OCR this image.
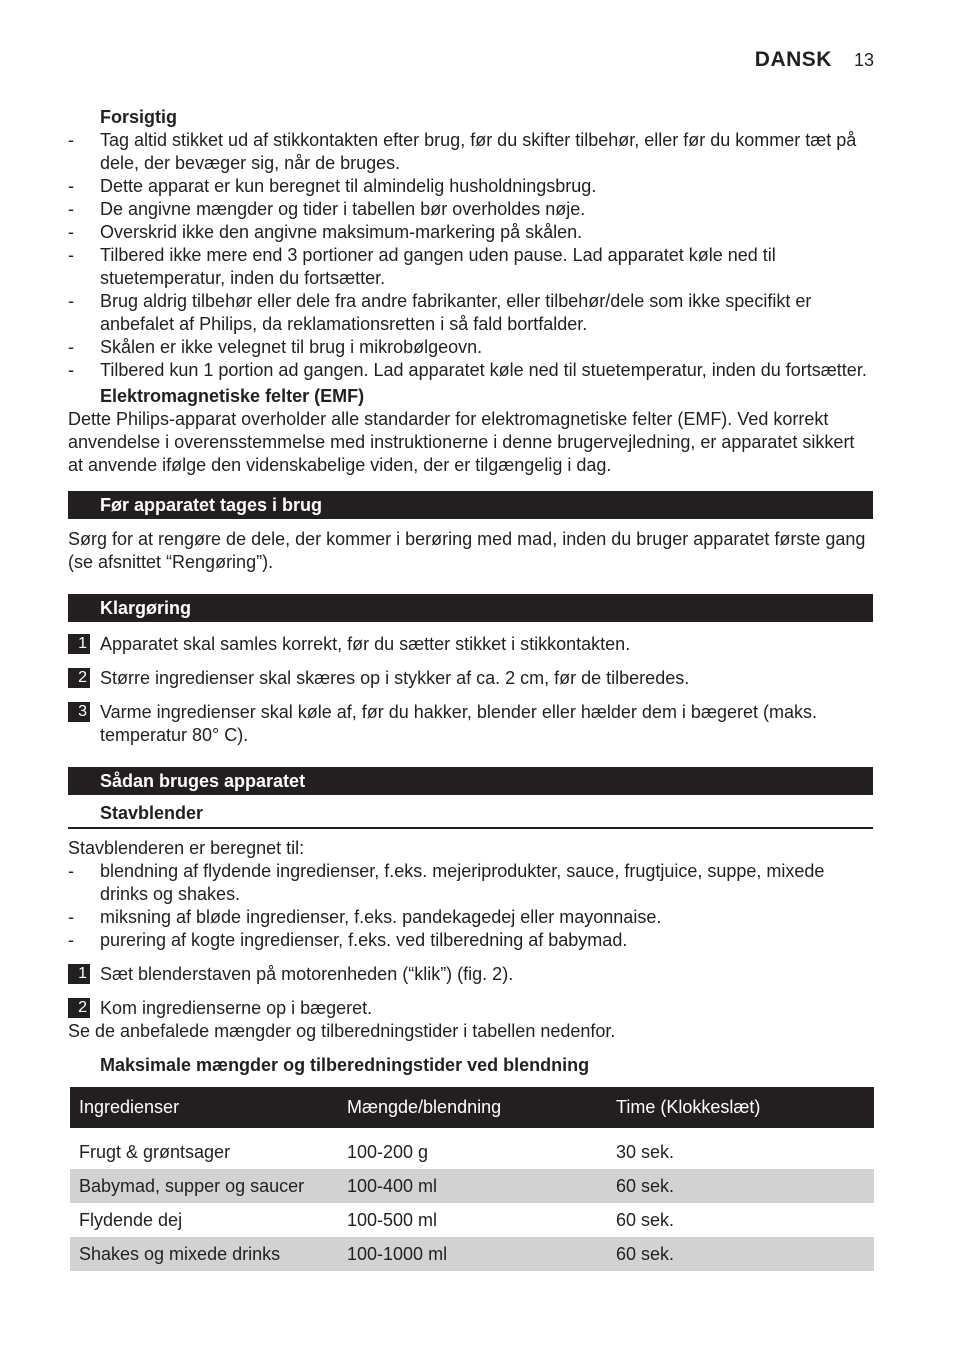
DANSK 13
Forsigtig
- Tag altid stikket ud af stikkontakten efter brug, før du skifter tilbehør, eller før du kommer tæt på dele, der bevæger sig, når de bruges.
- Dette apparat er kun beregnet til almindelig husholdningsbrug.
- De angivne mængder og tider i tabellen bør overholdes nøje.
- Overskrid ikke den angivne maksimum-markering på skålen.
- Tilbered ikke mere end 3 portioner ad gangen uden pause. Lad apparatet køle ned til stuetemperatur, inden du fortsætter.
- Brug aldrig tilbehør eller dele fra andre fabrikanter, eller tilbehør/dele som ikke specifikt er anbefalet af Philips, da reklamationsretten i så fald bortfalder.
- Skålen er ikke velegnet til brug i mikrobølgeovn.
- Tilbered kun 1 portion ad gangen. Lad apparatet køle ned til stuetemperatur, inden du fortsætter.
Elektromagnetiske felter (EMF)

Dette Philips-apparat overholder alle standarder for elektromagnetiske felter (EMF). Ved korrekt anvendelse i overensstemmelse med instruktionerne i denne brugervejledning, er apparatet sikkert at anvende ifølge den videnskabelige viden, der er tilgængelig i dag.

Før apparatet tages i brug

Sørg for at rengøre de dele, der kommer i berøring med mad, inden du bruger apparatet første gang (se afsnittet “Rengøring”).

Klargøring
1 Apparatet skal samles korrekt, før du sætter stikket i stikkontakten.
2 Større ingredienser skal skæres op i stykker af ca. 2 cm, før de tilberedes.
3 Varme ingredienser skal køle af, før du hakker, blender eller hælder dem i bægeret (maks. temperatur 80° C).
Sådan bruges apparatet
Stavblender

Stavblenderen er beregnet til:

- blendning af flydende ingredienser, f.eks. mejeriprodukter, sauce, frugtjuice, suppe, mixede drinks og shakes.
- miksning af bløde ingredienser, f.eks. pandekagedej eller mayonnaise.
- purering af kogte ingredienser, f.eks. ved tilberedning af babymad.
1 Sæt blenderstaven på motorenheden (“klik”) (fig. 2).
2 Kom ingredienserne op i bægeret.

Se de anbefalede mængder og tilberedningstider i tabellen nedenfor.

Maksimale mængder og tilberedningstider ved blendning
Ingredienser	Mængde/blendning	Time (Klokkeslæt)

Frugt & grøntsager	100-200 g	30 sek.
Babymad, supper og saucer	100-400 ml	60 sek.
Flydende dej	100-500 ml	60 sek.
Shakes og mixede drinks	100-1000 ml	60 sek.
